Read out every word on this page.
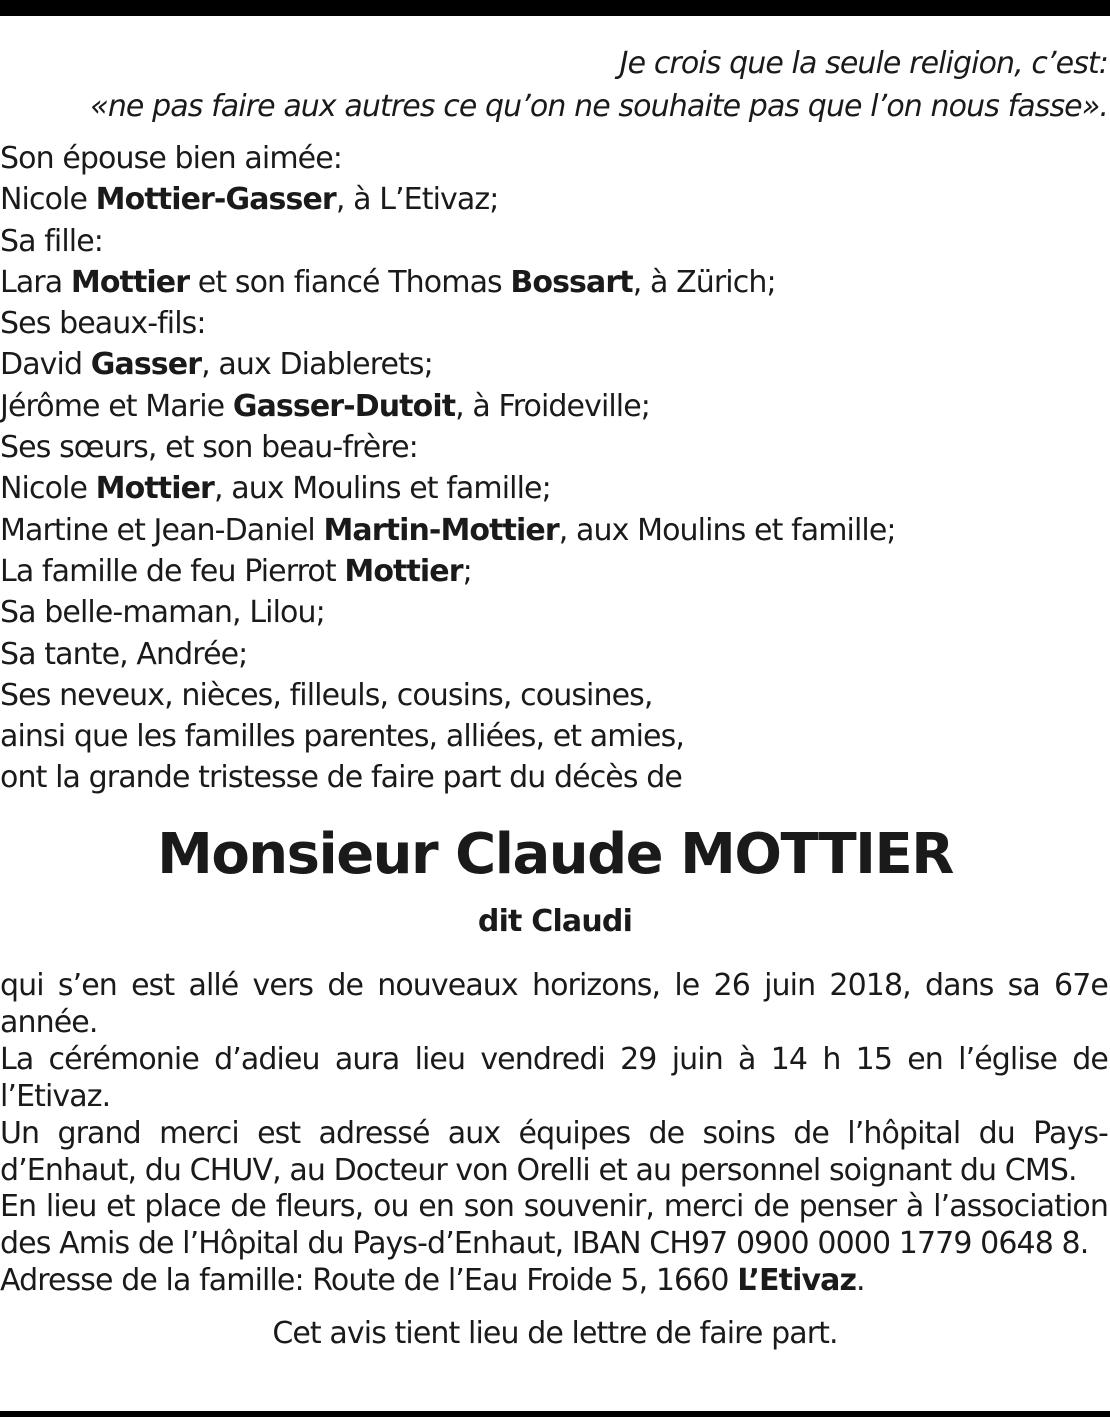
Je crois que la seule religion, c’est:
«ne pas faire aux autres ce qu’on ne souhaite pas que l’on nous fasse».
Son épouse bien aimée:
Nicole Mottier-Gasser, à L’Etivaz;
Sa fille:
Lara Mottier et son fiancé Thomas Bossart, à Zürich;
Ses beaux-fils:
David Gasser, aux Diablerets;
Jérôme et Marie Gasser-Dutoit, à Froideville;
Ses sœurs, et son beau-frère:
Nicole Mottier, aux Moulins et famille;
Martine et Jean-Daniel Martin-Mottier, aux Moulins et famille;
La famille de feu Pierrot Mottier;
Sa belle-maman, Lilou;
Sa tante, Andrée;
Ses neveux, nièces, filleuls, cousins, cousines,
ainsi que les familles parentes, alliées, et amies,
ont la grande tristesse de faire part du décès de
Monsieur Claude MOTTIER
dit Claudi

qui s’en est allé vers de nouveaux horizons, le 26 juin 2018, dans sa 67e année.

La cérémonie d’adieu aura lieu vendredi 29 juin à 14 h 15 en l’église de l’Etivaz.

Un grand merci est adressé aux équipes de soins de l’hôpital du Pays-d’Enhaut, du CHUV, au Docteur von Orelli et au personnel soignant du CMS.

En lieu et place de fleurs, ou en son souvenir, merci de penser à l’association des Amis de l’Hôpital du Pays-d’Enhaut, IBAN CH97 0900 0000 1779 0648 8.

Adresse de la famille: Route de l’Eau Froide 5, 1660 L’Etivaz.

Cet avis tient lieu de lettre de faire part.
